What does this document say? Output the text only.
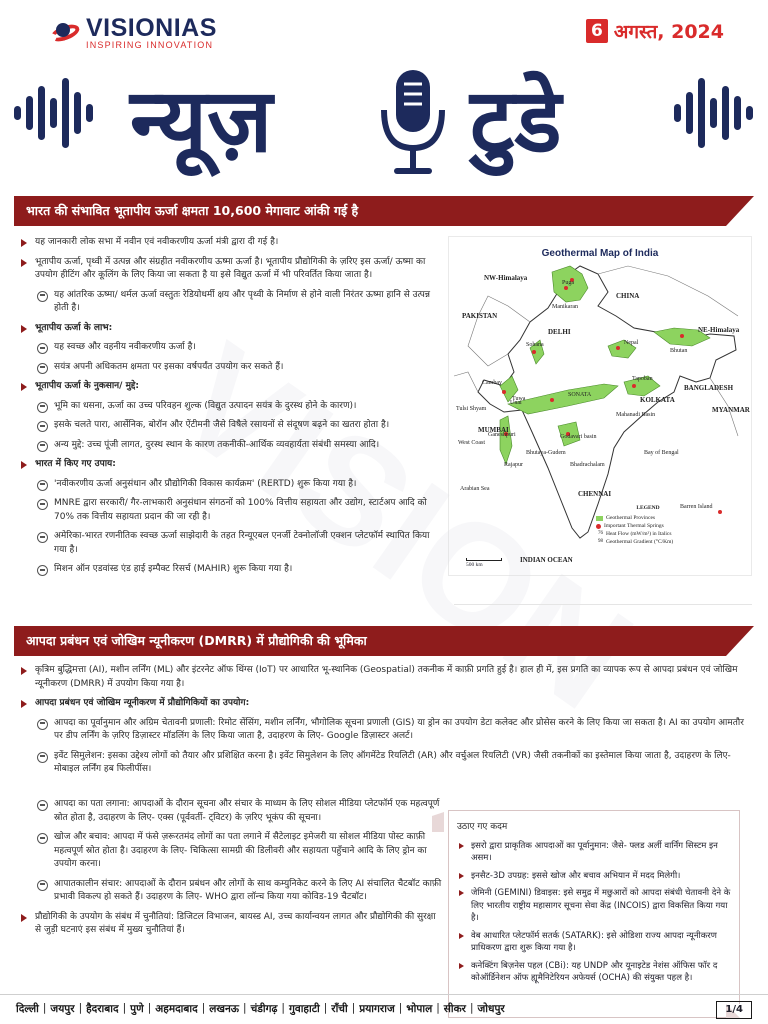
VISIONIAS
INSPIRING INNOVATION
6 अगस्त, 2024
न्यूज़ टुडे
भारत की संभावित भूतापीय ऊर्जा क्षमता 10,600 मेगावाट आंकी गई है
यह जानकारी लोक सभा में नवीन एवं नवीकरणीय ऊर्जा मंत्री द्वारा दी गई है।
भूतापीय ऊर्जा, पृथ्वी में उत्पन्न और संग्रहीत नवीकरणीय ऊष्मा ऊर्जा है। भूतापीय प्रौद्योगिकी के ज़रिए इस ऊर्जा/ ऊष्मा का उपयोग हीटिंग और कूलिंग के लिए किया जा सकता है या इसे विद्युत ऊर्जा में भी परिवर्तित किया जाता है।
यह आंतरिक ऊष्मा/ थर्मल ऊर्जा वस्तुतः रेडियोधर्मी क्षय और पृथ्वी के निर्माण से होने वाली निरंतर ऊष्मा हानि से उत्पन्न होती है।
भूतापीय ऊर्जा के लाभ:
यह स्वच्छ और वहनीय नवीकरणीय ऊर्जा है।
सयंत्र अपनी अधिकतम क्षमता पर इसका वर्षपर्यंत उपयोग कर सकते हैं।
भूतापीय ऊर्जा के नुकसान/ मुद्दे:
भूमि का धसना, ऊर्जा का उच्च परिवहन शुल्क (विद्युत उत्पादन सयंत्र के दुरस्थ होने के कारण)।
इसके चलते पारा, आर्सेनिक, बोरॉन और ऐंटीमनी जैसे विषैले रसायनों से संदूषण बढ़ने का खतरा होता है।
अन्य मुद्दे: उच्च पूंजी लागत, दुरस्थ स्थान के कारण तकनीकी-आर्थिक व्यवहार्यता संबंधी समस्या आदि।
भारत में किए गए उपाय:
'नवीकरणीय ऊर्जा अनुसंधान और प्रौद्योगिकी विकास कार्यक्रम' (RERTD) शुरू किया गया है।
MNRE द्वारा सरकारी/ गैर-लाभकारी अनुसंधान संगठनों को 100% वित्तीय सहायता और उद्योग, स्टार्टअप आदि को 70% तक वित्तीय सहायता प्रदान की जा रही है।
अमेरिका-भारत रणनीतिक स्वच्छ ऊर्जा साझेदारी के तहत रिन्यूएबल एनर्जी टेक्नोलॉजी एक्शन प्लेटफॉर्म स्थापित किया गया है।
मिशन ऑन एडवांस्ड एंड हाई इम्पैक्ट रिसर्च (MAHIR) शुरू किया गया है।
Geothermal Map of India
NW-Himalaya
CHINA
PAKISTAN
DELHI	NE-Himalaya
Nepal
Bhutan
BANGLADESH
MYANMAR
KOLKATA
Cambay
SONATA
Tuwa
Tulsi Shyam
West Coast
MUMBAI
Godavari basin
Rajapur
Bay of Bengal
Arabian Sea
CHENNAI
INDIAN OCEAN
Barren Island
Mahanadi Basin
Bhadrachalam
Puga
Manikaran
Sohana
Unai
Ganeshpuri
Tapoban
Bhutaya-Gudem
LEGEND
Geothermal Provinces
Important Thermal Springs
76 Heat Flow (mW/m²) in Italics
98 Geothermal Gradient (°C/Km)
500 km
आपदा प्रबंधन एवं जोखिम न्यूनीकरण (DMRR) में प्रौद्योगिकी की भूमिका
कृत्रिम बुद्धिमत्ता (AI), मशीन लर्निंग (ML) और इंटरनेट ऑफ थिंग्स (IoT) पर आधारित भू-स्थानिक (Geospatial) तकनीक में काफ़ी प्रगति हुई है। हाल ही में, इस प्रगति का व्यापक रूप से आपदा प्रबंधन एवं जोखिम न्यूनीकरण (DMRR) में उपयोग किया गया है।
आपदा प्रबंधन एवं जोखिम न्यूनीकरण में प्रौद्योगिकियों का उपयोग:
आपदा का पूर्वानुमान और अग्रिम चेतावनी प्रणाली: रिमोट सेंसिंग, मशीन लर्निंग, भौगोलिक सूचना प्रणाली (GIS) या ड्रोन का उपयोग डेटा कलेक्ट और प्रोसेस करने के लिए किया जा सकता है। AI का उपयोग आमतौर पर डीप लर्निंग के ज़रिए डिज़ास्टर मॉडलिंग के लिए किया जाता है, उदाहरण के लिए- Google डिज़ास्टर अलर्ट।
इवेंट सिमुलेशन: इसका उद्देश्य लोगों को तैयार और प्रशिक्षित करना है। इवेंट सिमुलेशन के लिए ऑगमेंटेड रियलिटी (AR) और वर्चुअल रियलिटी (VR) जैसी तकनीकों का इस्तेमाल किया जाता है, उदाहरण के लिए- मोबाइल लर्निंग हब फिलीपींस।
आपदा का पता लगाना: आपदाओं के दौरान सूचना और संचार के माध्यम के लिए सोशल मीडिया प्लेटफॉर्म एक महत्वपूर्ण स्रोत होता है, उदाहरण के लिए- एक्स (पूर्ववर्ती- ट्विटर) के ज़रिए भूकंप की सूचना।
खोज और बचाव: आपदा में फंसे ज़रूरतमंद लोगों का पता लगाने में सैटेलाइट इमेजरी या सोशल मीडिया पोस्ट काफ़ी महत्वपूर्ण स्रोत होता है। उदाहरण के लिए- चिकित्सा सामग्री की डिलीवरी और सहायता पहुँचाने आदि के लिए ड्रोन का उपयोग करना।
आपातकालीन संचार: आपदाओं के दौरान प्रबंधन और लोगों के साथ कम्युनिकेट करने के लिए AI संचालित चैटबॉट काफ़ी प्रभावी विकल्प हो सकते हैं। उदाहरण के लिए- WHO द्वारा लॉन्च किया गया कोविड-19 चैटबॉट।
प्रौद्योगिकी के उपयोग के संबंध में चुनौतियां: डिजिटल विभाजन, बायस्ड AI, उच्च कार्यान्वयन लागत और प्रौद्योगिकी की सुरक्षा से जुड़ी घटनाएं इस संबंध में मुख्य चुनौतियां हैं।
उठाए गए कदम
इसरो द्वारा प्राकृतिक आपदाओं का पूर्वानुमान: जैसे- फ्लड अर्ली वार्निंग सिस्टम इन असम।
इनसैट-3D उपग्रह: इससे खोज और बचाव अभियान में मदद मिलेगी।
जेमिनी (GEMINI) डिवाइस: इसे समुद्र में मछुआरों को आपदा संबंधी चेतावनी देने के लिए भारतीय राष्ट्रीय महासागर सूचना सेवा केंद्र (INCOIS) द्वारा विकसित किया गया है।
वेब आधारित प्लेटफॉर्म सतर्क (SATARK): इसे ओडिशा राज्य आपदा न्यूनीकरण प्राधिकरण द्वारा शुरू किया गया है।
कनेक्टिंग बिज़नेस पहल (CBi): यह UNDP और यूनाइटेड नेशंस ऑफिस फॉर द कोऑर्डिनेशन ऑफ ह्यूमैनिटेरियन अफेयर्स (OCHA) की संयुक्त पहल है।
दिल्ली | जयपुर | हैदराबाद | पुणे | अहमदाबाद | लखनऊ | चंडीगढ़ | गुवाहाटी | राँची | प्रयागराज | भोपाल | सीकर | जोधपुर	1/4
